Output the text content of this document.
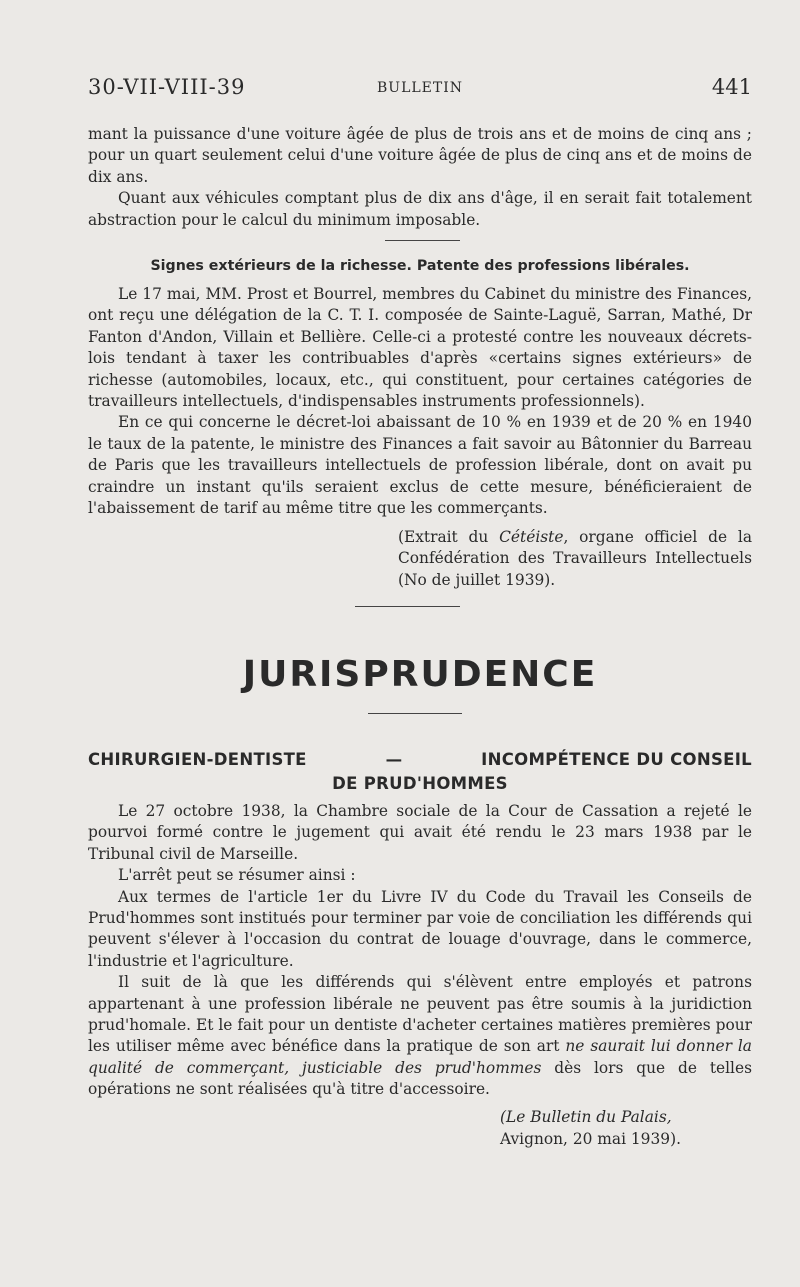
30-VII-VIII-39	BULLETIN	441

mant la puissance d'une voiture âgée de plus de trois ans et de moins de cinq ans ; pour un quart seulement celui d'une voiture âgée de plus de cinq ans et de moins de dix ans.

Quant aux véhicules comptant plus de dix ans d'âge, il en serait fait totalement abstraction pour le calcul du minimum imposable.

Signes extérieurs de la richesse. Patente des professions libérales.

Le 17 mai, MM. Prost et Bourrel, membres du Cabinet du ministre des Finances, ont reçu une délégation de la C. T. I. composée de Sainte-Laguë, Sarran, Mathé, Dr Fanton d'Andon, Villain et Bellière. Celle-ci a protesté contre les nouveaux décrets-lois tendant à taxer les contribuables d'après «certains signes extérieurs» de richesse (automobiles, locaux, etc., qui constituent, pour certaines catégories de travailleurs intellectuels, d'indispensables instruments professionnels).

En ce qui concerne le décret-loi abaissant de 10 % en 1939 et de 20 % en 1940 le taux de la patente, le ministre des Finances a fait savoir au Bâtonnier du Barreau de Paris que les travailleurs intellectuels de profession libérale, dont on avait pu craindre un instant qu'ils seraient exclus de cette mesure, bénéficieraient de l'abaissement de tarif au même titre que les commerçants.

(Extrait du Cétéiste, organe officiel de la Confédération des Travailleurs Intellectuels (No de juillet 1939).
JURISPRUDENCE
CHIRURGIEN-DENTISTE	—	INCOMPÉTENCE DU CONSEIL
DE PRUD'HOMMES

Le 27 octobre 1938, la Chambre sociale de la Cour de Cassation a rejeté le pourvoi formé contre le jugement qui avait été rendu le 23 mars 1938 par le Tribunal civil de Marseille.

L'arrêt peut se résumer ainsi :

Aux termes de l'article 1er du Livre IV du Code du Travail les Conseils de Prud'hommes sont institués pour terminer par voie de conciliation les différends qui peuvent s'élever à l'occasion du contrat de louage d'ouvrage, dans le commerce, l'industrie et l'agriculture.

Il suit de là que les différends qui s'élèvent entre employés et patrons appartenant à une profession libérale ne peuvent pas être soumis à la juridiction prud'homale. Et le fait pour un dentiste d'acheter certaines matières premières pour les utiliser même avec bénéfice dans la pratique de son art ne saurait lui donner la qualité de commerçant, justiciable des prud'hommes dès lors que de telles opérations ne sont réalisées qu'à titre d'accessoire.

(Le Bulletin du Palais,
Avignon, 20 mai 1939).
